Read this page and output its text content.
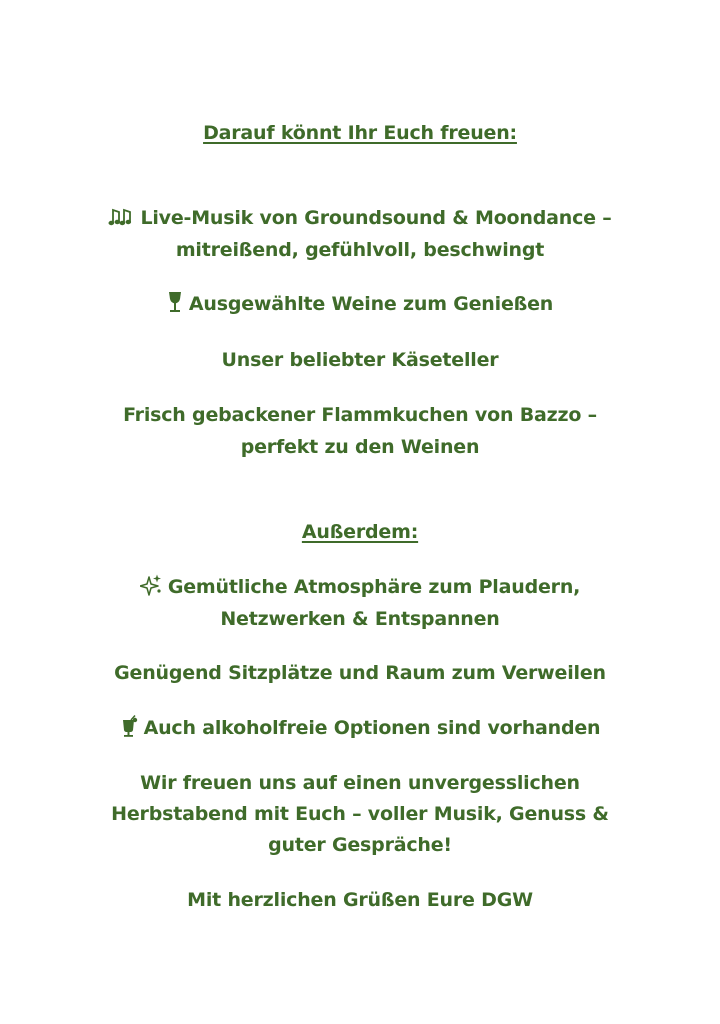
Darauf könnt Ihr Euch freuen:
Live-Musik von Groundsound & Moondance –
mitreißend, gefühlvoll, beschwingt
Ausgewählte Weine zum Genießen
Unser beliebter Käseteller
Frisch gebackener Flammkuchen von Bazzo –
perfekt zu den Weinen
Außerdem:
Gemütliche Atmosphäre zum Plaudern,
Netzwerken & Entspannen
Genügend Sitzplätze und Raum zum Verweilen
Auch alkoholfreie Optionen sind vorhanden
Wir freuen uns auf einen unvergesslichen
Herbstabend mit Euch – voller Musik, Genuss &
guter Gespräche!
Mit herzlichen Grüßen Eure DGW
